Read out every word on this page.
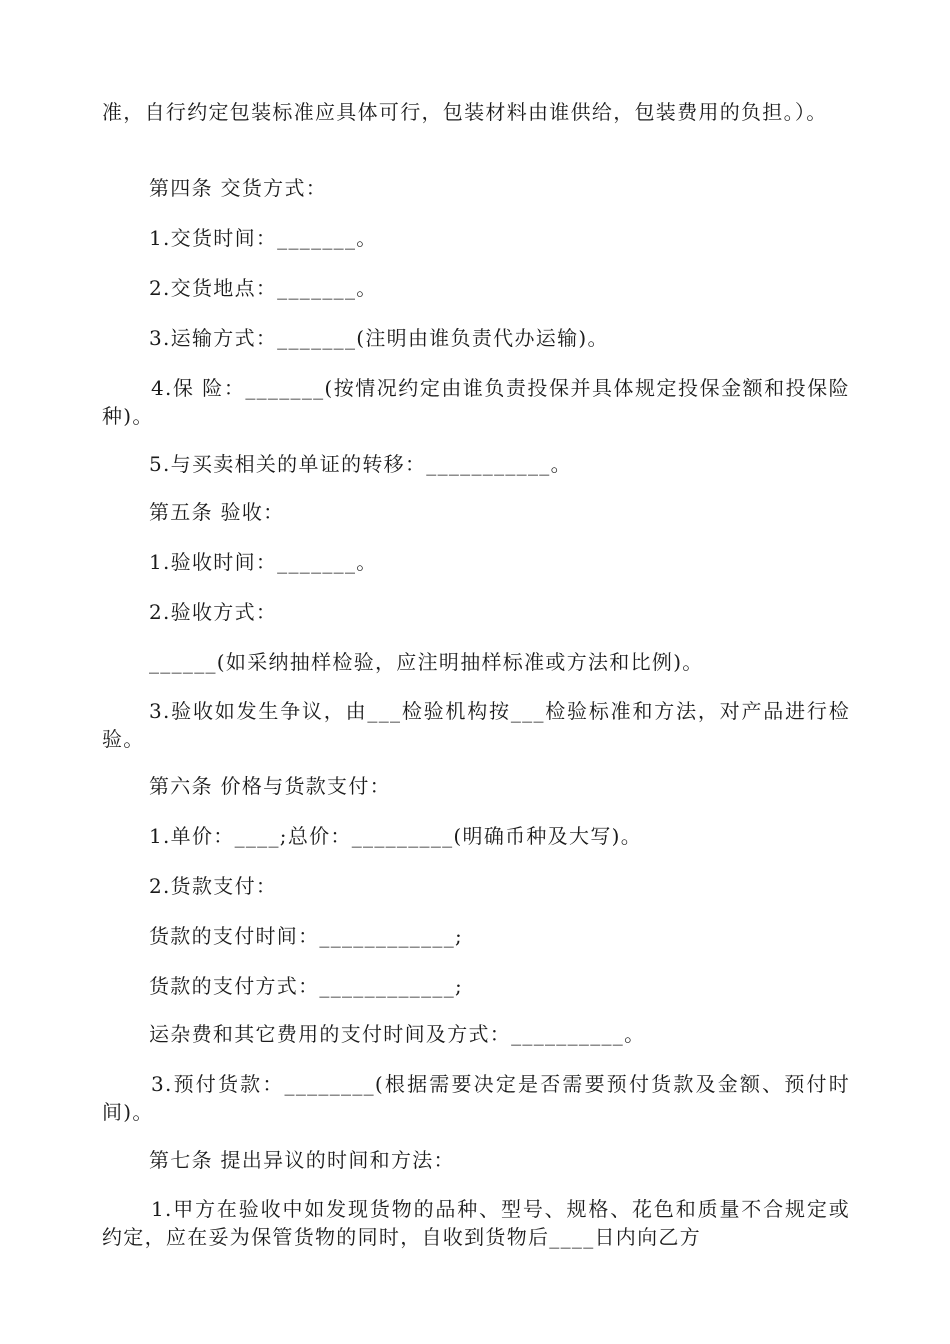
准，自行约定包装标准应具体可行，包装材料由谁供给，包装费用的负担。）。

第四条 交货方式：

1.交货时间：_______。

2.交货地点：_______。

3.运输方式：_______(注明由谁负责代办运输)。

4.保 险：_______(按情况约定由谁负责投保并具体规定投保金额和投保险种)。

5.与买卖相关的单证的转移：___________。

第五条 验收：

1.验收时间：_______。

2.验收方式：

______(如采纳抽样检验，应注明抽样标准或方法和比例)。

3.验收如发生争议，由___检验机构按___检验标准和方法，对产品进行检验。

第六条 价格与货款支付：

1.单价：____;总价：_________(明确币种及大写)。

2.货款支付：

货款的支付时间：____________;

货款的支付方式：____________;

运杂费和其它费用的支付时间及方式：__________。

3.预付货款：________(根据需要决定是否需要预付货款及金额、预付时间)。

第七条 提出异议的时间和方法：

1.甲方在验收中如发现货物的品种、型号、规格、花色和质量不合规定或约定，应在妥为保管货物的同时，自收到货物后____日内向乙方
